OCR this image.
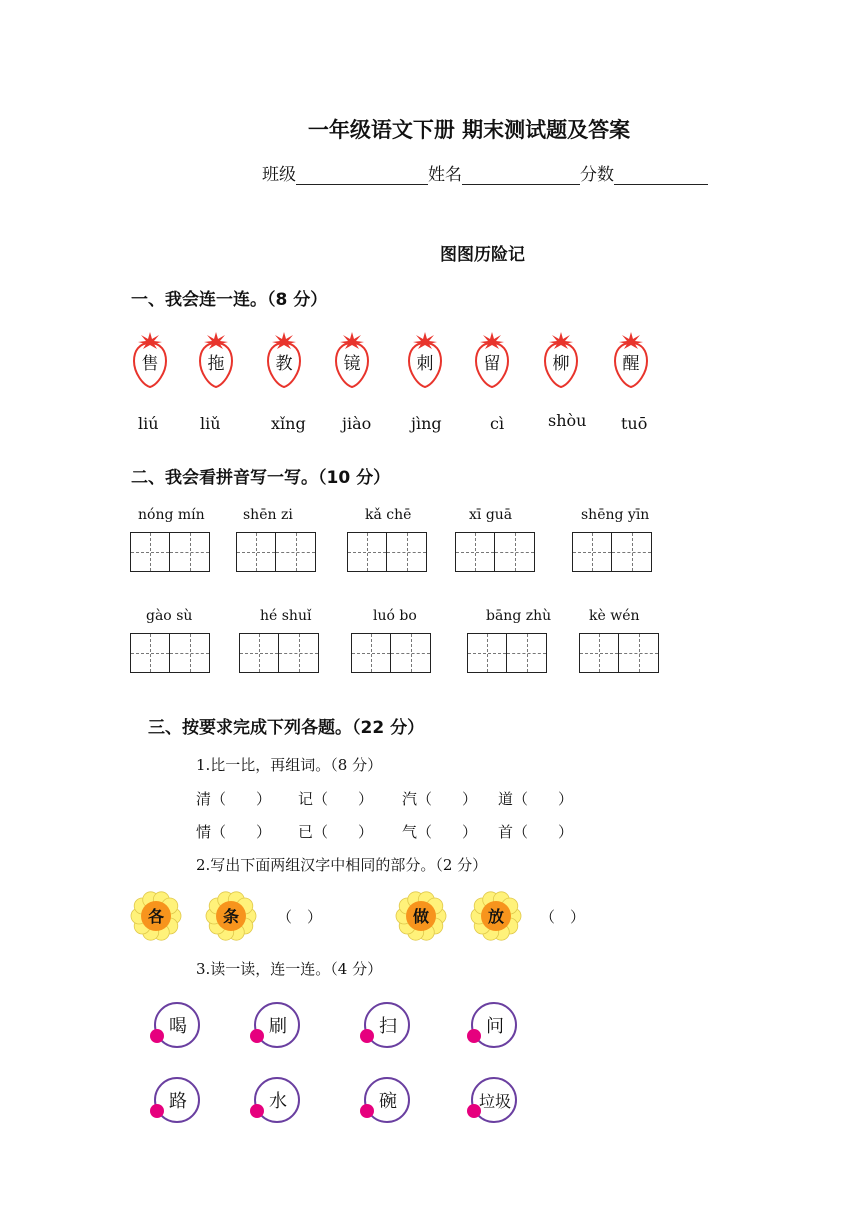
一年级语文下册 期末测试题及答案
班级	姓名	分数
图图历险记
一、我会连一连。（8 分）
二、我会看拼音写一写。（10 分）
三、按要求完成下列各题。（22 分）
1.比一比，再组词。（8 分）
2.写出下面两组汉字中相同的部分。（2 分）
3.读一读，连一连。（4 分）
售	拖	教	镜	刺	留	柳	醒
liú	liǔ	xǐng jiào jìng	cì	shòu tuō
nóng mín	shēn zi	kǎ chē	xī guā	shēng yīn
gào sù	hé shuǐ	luó bo	bāng zhù	kè wén
清（　　） 记（　　） 汽（　　） 道（　　）
情（　　） 已（　　） 气（　　） 首（　　）
各	条	做	放
（　）	（　）
喝	刷	扫	问
路	水	碗	垃圾
